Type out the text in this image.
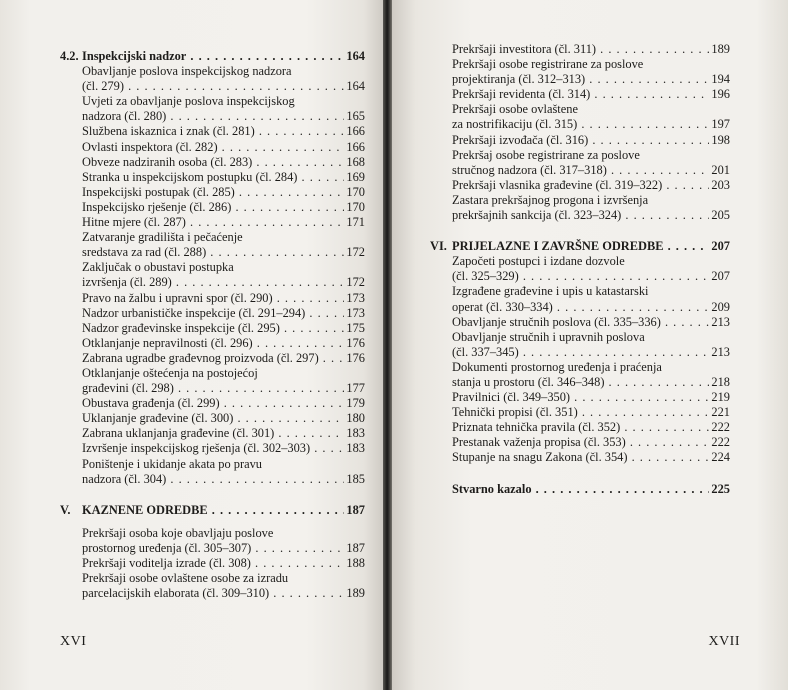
4.2. Inspekcijski nadzor . . .	164
Obavljanje poslova inspekcijskog nadzora
(čl. 279) . . .	164
Uvjeti za obavljanje poslova inspekcijskog
nadzora (čl. 280) . . .	165
Službena iskaznica i znak (čl. 281) . . .	166
Ovlasti inspektora (čl. 282) . . .	166
Obveze nadziranih osoba (čl. 283) . . .	168
Stranka u inspekcijskom postupku (čl. 284) . . .	169
Inspekcijski postupak (čl. 285) . . .	170
Inspekcijsko rješenje (čl. 286) . . .	170
Hitne mjere (čl. 287) . . .	171
Zatvaranje gradilišta i pečaćenje
sredstava za rad (čl. 288) . . .	172
Zaključak o obustavi postupka
izvršenja (čl. 289) . . .	172
Pravo na žalbu i upravni spor (čl. 290) . . .	173
Nadzor urbanističke inspekcije (čl. 291–294) . . .	173
Nadzor građevinske inspekcije (čl. 295) . . .	175
Otklanjanje nepravilnosti (čl. 296) . . .	176
Zabrana ugradbe građevnog proizvoda (čl. 297) . . .	176
Otklanjanje oštećenja na postojećoj
građevini (čl. 298) . . .	177
Obustava građenja (čl. 299) . . .	179
Uklanjanje građevine (čl. 300) . . .	180
Zabrana uklanjanja građevine (čl. 301) . . .	183
Izvršenje inspekcijskog rješenja (čl. 302–303) . . .	183
Poništenje i ukidanje akata po pravu
nadzora (čl. 304) . . .	185
V. KAZNENE ODREDBE . . .	187
Prekršaji osoba koje obavljaju poslove
prostornog uređenja (čl. 305–307) . . .	187
Prekršaji voditelja izrade (čl. 308) . . .	188
Prekršaji osobe ovlaštene osobe za izradu
parcelacijskih elaborata (čl. 309–310) . . .	189
XVI
Prekršaji investitora (čl. 311) . . .	189
Prekršaji osobe registrirane za poslove
projektiranja (čl. 312–313) . . .	194
Prekršaji revidenta (čl. 314) . . .	196
Prekršaji osobe ovlaštene
za nostrifikaciju (čl. 315) . . .	197
Prekršaji izvođača (čl. 316) . . .	198
Prekršaj osobe registrirane za poslove
stručnog nadzora (čl. 317–318) . . .	201
Prekršaji vlasnika građevine (čl. 319–322) . . .	203
Zastara prekršajnog progona i izvršenja
prekršajnih sankcija (čl. 323–324) . . .	205
VI. PRIJELAZNE I ZAVRŠNE ODREDBE . . .	207
Započeti postupci i izdane dozvole
(čl. 325–329) . . .	207
Izgrađene građevine i upis u katastarski
operat (čl. 330–334) . . .	209
Obavljanje stručnih poslova (čl. 335–336) . . .	213
Obavljanje stručnih i upravnih poslova
(čl. 337–345) . . .	213
Dokumenti prostornog uređenja i praćenja
stanja u prostoru (čl. 346–348) . . .	218
Pravilnici (čl. 349–350) . . .	219
Tehnički propisi (čl. 351) . . .	221
Priznata tehnička pravila (čl. 352) . . .	222
Prestanak važenja propisa (čl. 353) . . .	222
Stupanje na snagu Zakona (čl. 354) . . .	224
Stvarno kazalo . . .	225
XVII
